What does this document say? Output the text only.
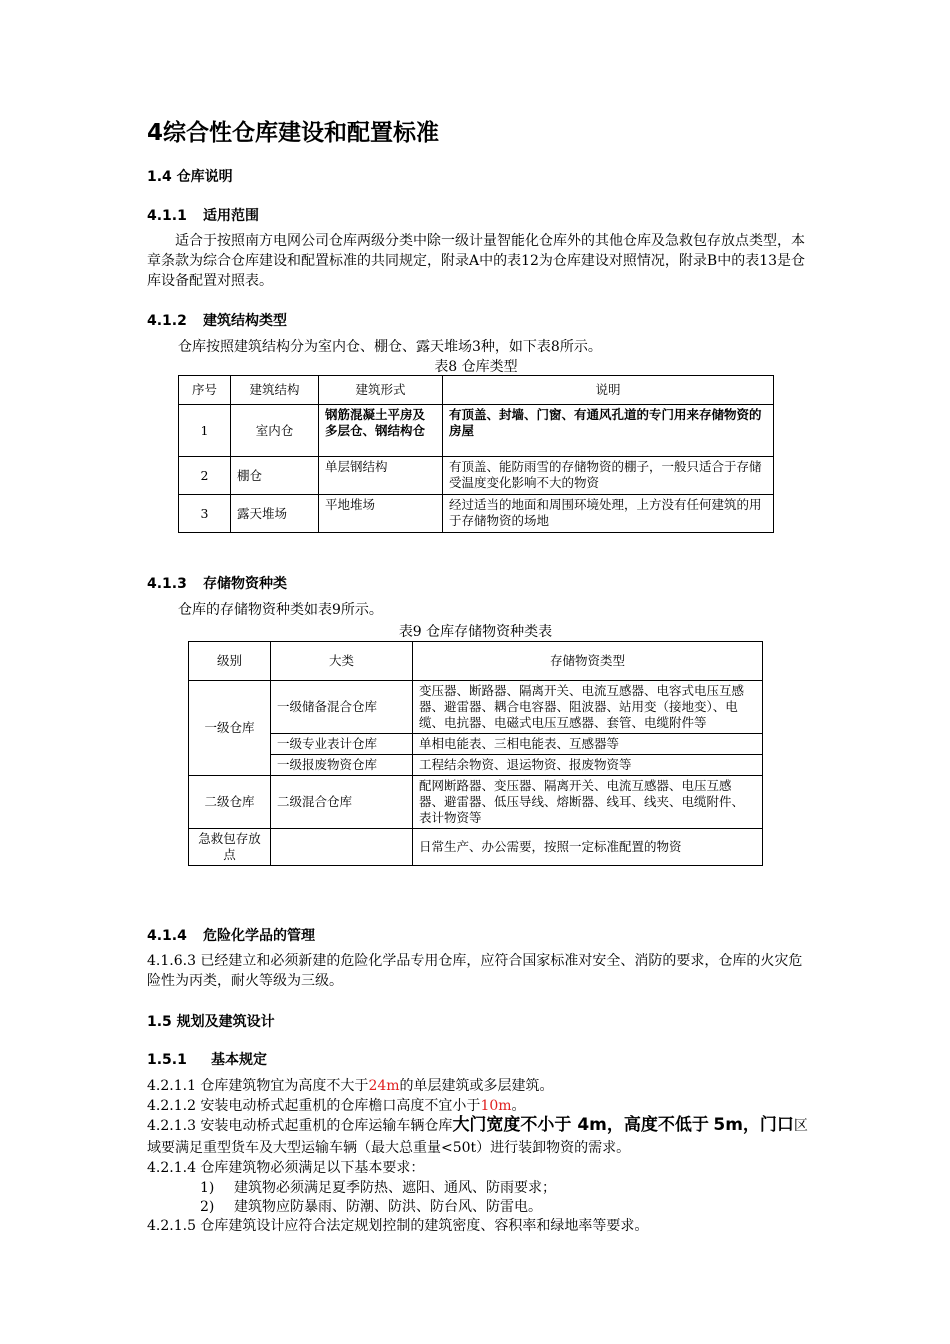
4综合性仓库建设和配置标准
1.4 仓库说明
4.1.1 适用范围
适合于按照南方电网公司仓库两级分类中除一级计量智能化仓库外的其他仓库及急救包存放点类型，本章条款为综合仓库建设和配置标准的共同规定，附录A中的表12为仓库建设对照情况，附录B中的表13是仓库设备配置对照表。
4.1.2 建筑结构类型
仓库按照建筑结构分为室内仓、棚仓、露天堆场3种，如下表8所示。
表8 仓库类型
序号	建筑结构	建筑形式	说明
1	室内仓	钢筋混凝土平房及多层仓、钢结构仓	有顶盖、封墙、门窗、有通风孔道的专门用来存储物资的房屋
2	棚仓	单层钢结构	有顶盖、能防雨雪的存储物资的棚子，一般只适合于存储受温度变化影响不大的物资
3	露天堆场	平地堆场	经过适当的地面和周围环境处理，上方没有任何建筑的用于存储物资的场地
4.1.3 存储物资种类
仓库的存储物资种类如表9所示。
表9 仓库存储物资种类表
级别	大类	存储物资类型
一级仓库	一级储备混合仓库	变压器、断路器、隔离开关、电流互感器、电容式电压互感器、避雷器、耦合电容器、阻波器、站用变（接地变）、电缆、电抗器、电磁式电压互感器、套管、电缆附件等
	一级专业表计仓库	单相电能表、三相电能表、互感器等
	一级报废物资仓库	工程结余物资、退运物资、报废物资等
二级仓库	二级混合仓库	配网断路器、变压器、隔离开关、电流互感器、电压互感器、避雷器、低压导线、熔断器、线耳、线夹、电缆附件、表计物资等
急救包存放点		日常生产、办公需要，按照一定标准配置的物资
4.1.4 危险化学品的管理
4.1.6.3 已经建立和必须新建的危险化学品专用仓库，应符合国家标准对安全、消防的要求，仓库的火灾危险性为丙类，耐火等级为三级。
1.5 规划及建筑设计
1.5.1 基本规定
4.2.1.1 仓库建筑物宜为高度不大于24m的单层建筑或多层建筑。
4.2.1.2 安装电动桥式起重机的仓库檐口高度不宜小于10m。
4.2.1.3 安装电动桥式起重机的仓库运输车辆仓库大门宽度不小于 4m，高度不低于 5m，门口区域要满足重型货车及大型运输车辆（最大总重量<50t）进行装卸物资的需求。
4.2.1.4 仓库建筑物必须满足以下基本要求：
1) 建筑物必须满足夏季防热、遮阳、通风、防雨要求；
2) 建筑物应防暴雨、防潮、防洪、防台风、防雷电。
4.2.1.5 仓库建筑设计应符合法定规划控制的建筑密度、容积率和绿地率等要求。
